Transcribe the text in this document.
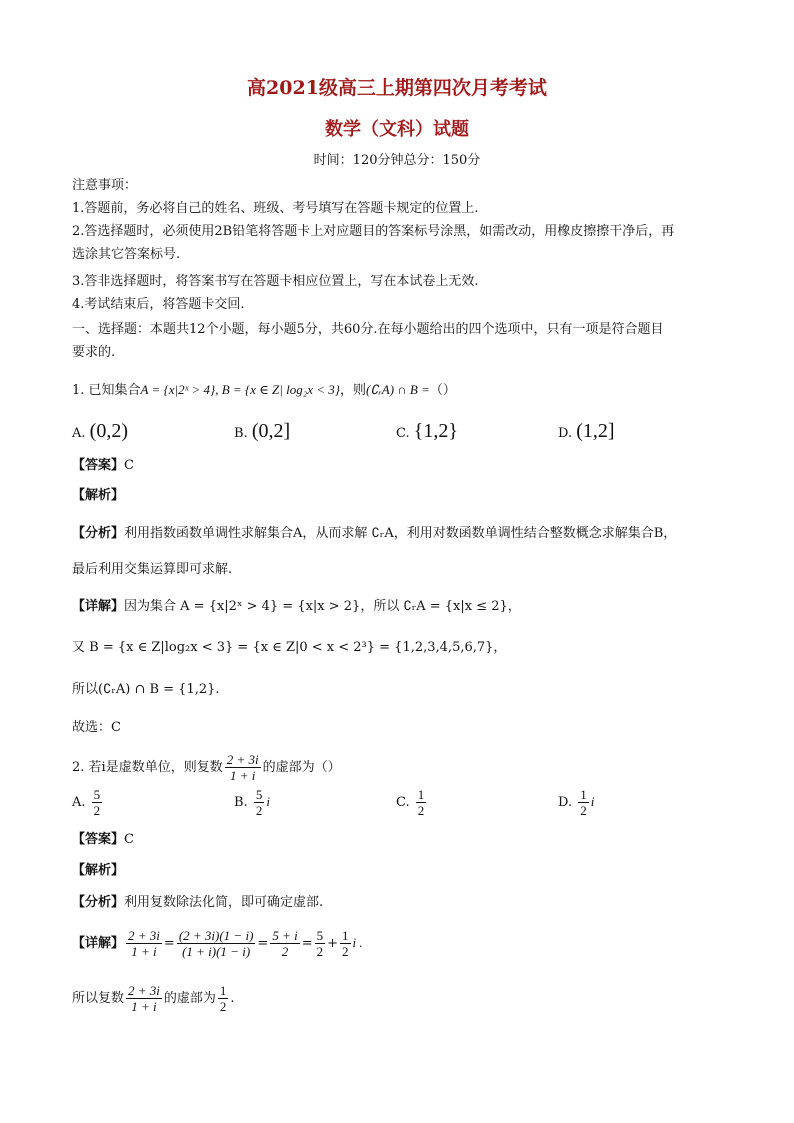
高2021级高三上期第四次月考考试
数学（文科）试题
时间：120分钟总分：150分
注意事项：
1.答题前，务必将自己的姓名、班级、考号填写在答题卡规定的位置上.
2.答选择题时，必须使用2B铅笔将答题卡上对应题目的答案标号涂黑，如需改动，用橡皮擦擦干净后，再
选涂其它答案标号.
3.答非选择题时，将答案书写在答题卡相应位置上，写在本试卷上无效.
4.考试结束后，将答题卡交回.
一、选择题：本题共12个小题，每小题5分，共60分.在每小题给出的四个选项中，只有一项是符合题目
要求的.
1. 已知集合A = {x|2ˣ > 4}, B = {x ∈ Z| log₂x < 3}，则(∁ᵣA) ∩ B =（）
A. (0,2)	B. (0,2]	C. {1,2}	D. (1,2]
【答案】C
【解析】
【分析】利用指数函数单调性求解集合A，从而求解 ∁ᵣA，利用对数函数单调性结合整数概念求解集合B，
最后利用交集运算即可求解.
【详解】因为集合 A = {x|2ˣ > 4} = {x|x > 2}，所以 ∁ᵣA = {x|x ≤ 2}，
又 B = {x ∈ Z|log₂x < 3} = {x ∈ Z|0 < x < 2³} = {1,2,3,4,5,6,7}，
所以(∁ᵣA) ∩ B = {1,2}.
故选：C
2. 若i是虚数单位，则复数 $\frac{2 + 3i}{1 + i}$ 的虚部为（）
A. $\frac{5}{2}$	B. $\frac{5}{2}$ i	C. $\frac{1}{2}$	D. $\frac{1}{2}$ i
【答案】C
【解析】
【分析】利用复数除法化简，即可确定虚部.
【详解】 $\frac{2 + 3i}{1 + i} = \frac{(2 + 3i)(1 - i)}{(1 + i)(1 - i)} = \frac{5 + i}{2} = \frac{5}{2} + \frac{1}{2}$ i .
所以复数 $\frac{2 + 3i}{1 + i}$ 的虚部为 $\frac{1}{2}$ .
